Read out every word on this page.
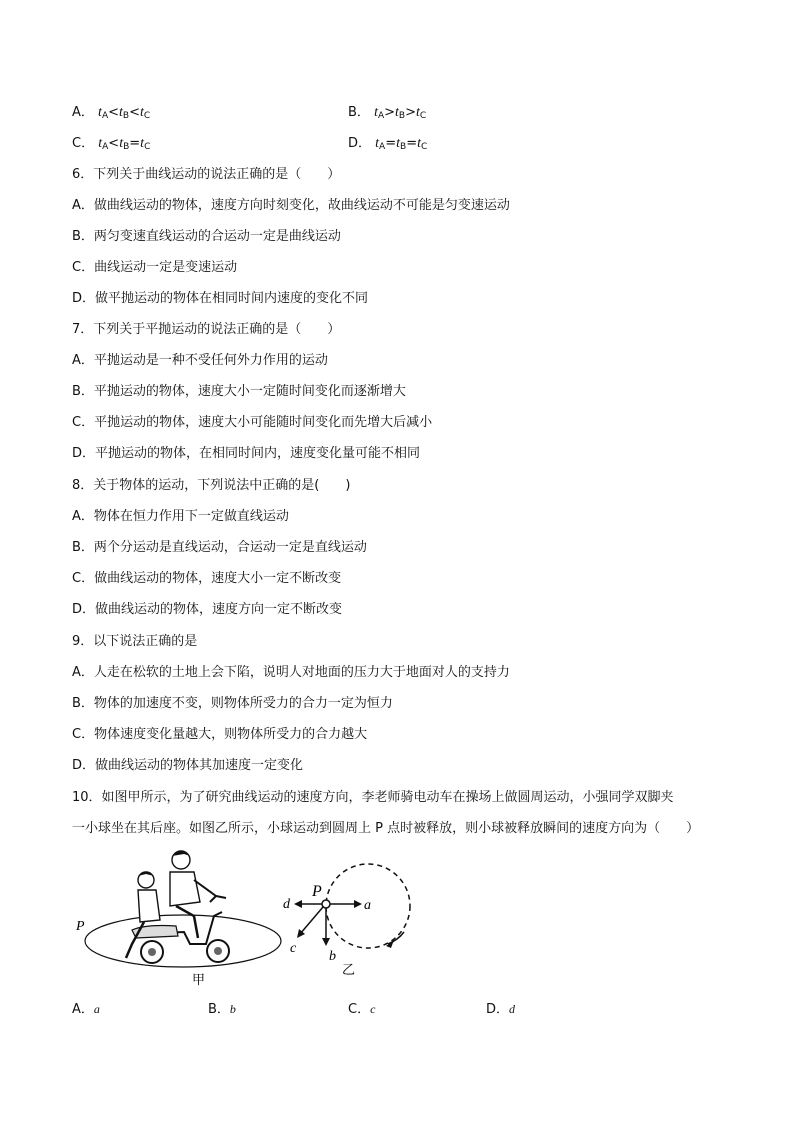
A． $t_A<t_B<t_C$	B． $t_A>t_B>t_C$
C． $t_A<t_B=t_C$	D． $t_A=t_B=t_C$
6．下列关于曲线运动的说法正确的是（　　）
A．做曲线运动的物体，速度方向时刻变化，故曲线运动不可能是匀变速运动
B．两匀变速直线运动的合运动一定是曲线运动
C．曲线运动一定是变速运动
D．做平抛运动的物体在相同时间内速度的变化不同
7．下列关于平抛运动的说法正确的是（　　）
A．平抛运动是一种不受任何外力作用的运动
B．平抛运动的物体，速度大小一定随时间变化而逐渐增大
C．平抛运动的物体，速度大小可能随时间变化而先增大后减小
D．平抛运动的物体，在相同时间内，速度变化量可能不相同
8．关于物体的运动，下列说法中正确的是(　　)
A．物体在恒力作用下一定做直线运动
B．两个分运动是直线运动，合运动一定是直线运动
C．做曲线运动的物体，速度大小一定不断改变
D．做曲线运动的物体，速度方向一定不断改变
9．以下说法正确的是
A．人走在松软的土地上会下陷，说明人对地面的压力大于地面对人的支持力
B．物体的加速度不变，则物体所受力的合力一定为恒力
C．物体速度变化量越大，则物体所受力的合力越大
D．做曲线运动的物体其加速度一定变化
10．如图甲所示，为了研究曲线运动的速度方向，李老师骑电动车在操场上做圆周运动，小强同学双脚夹
一小球坐在其后座。如图乙所示，小球运动到圆周上 P 点时被释放，则小球被释放瞬间的速度方向为（　　）
P
甲
P
a
d
b
c
乙
A．a	B．b	C．c	D．d
